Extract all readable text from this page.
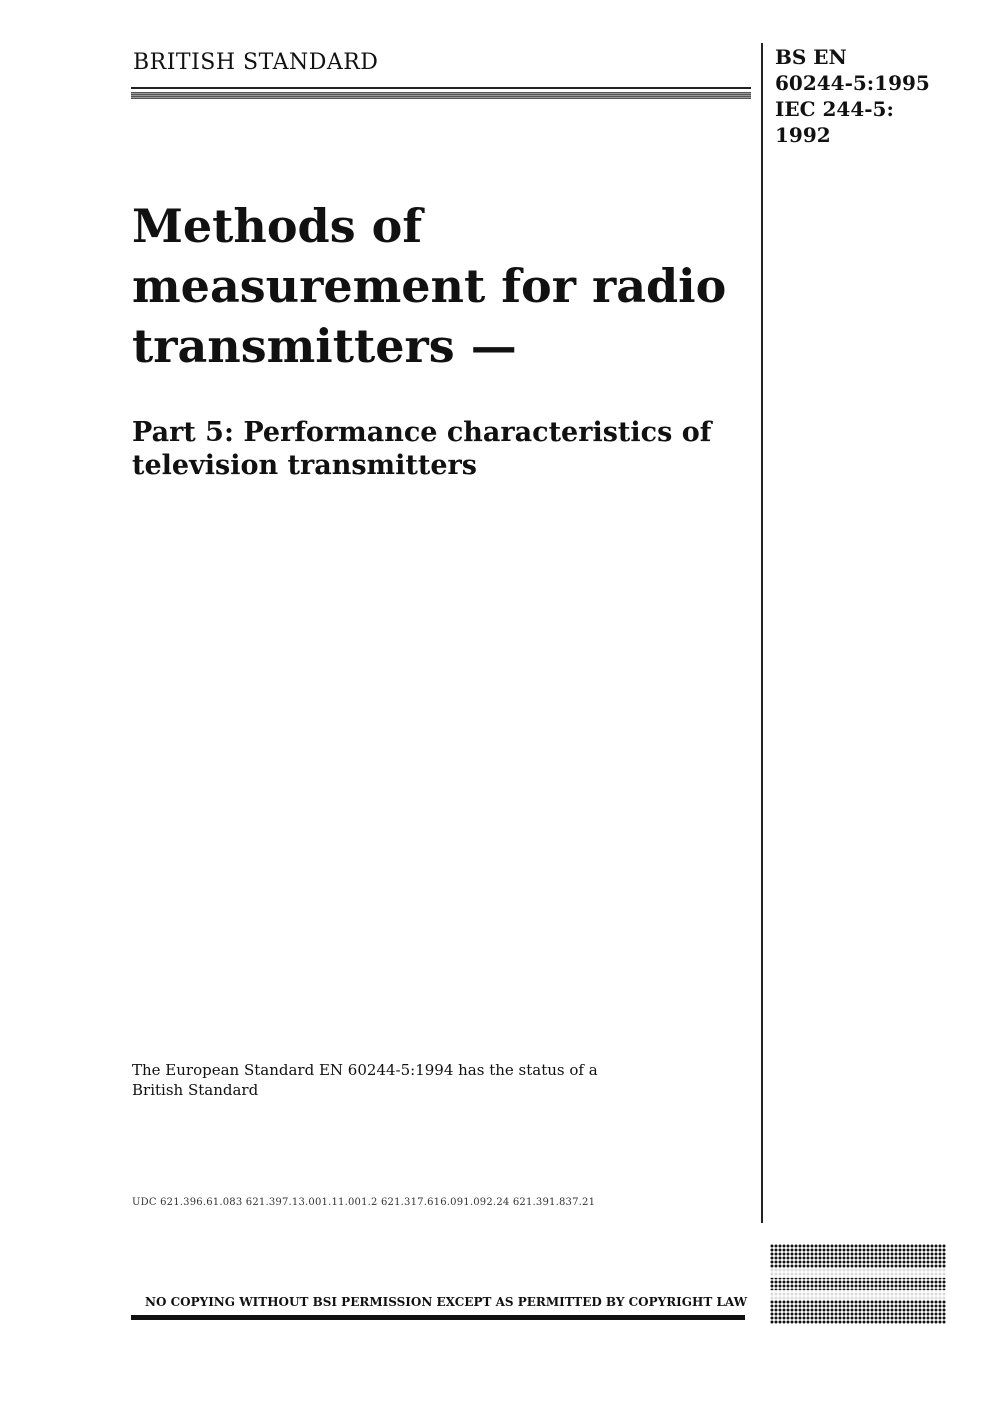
BRITISH STANDARD	BS EN
60244-5:1995
IEC 244-5:
1992
Methods of
measurement for radio
transmitters —
Part 5: Performance characteristics of
television transmitters
The European Standard EN 60244-5:1994 has the status of a
British Standard
UDC 621.396.61.083 621.397.13.001.11.001.2 621.317.616.091.092.24 621.391.837.21
NO COPYING WITHOUT BSI PERMISSION EXCEPT AS PERMITTED BY COPYRIGHT LAW
